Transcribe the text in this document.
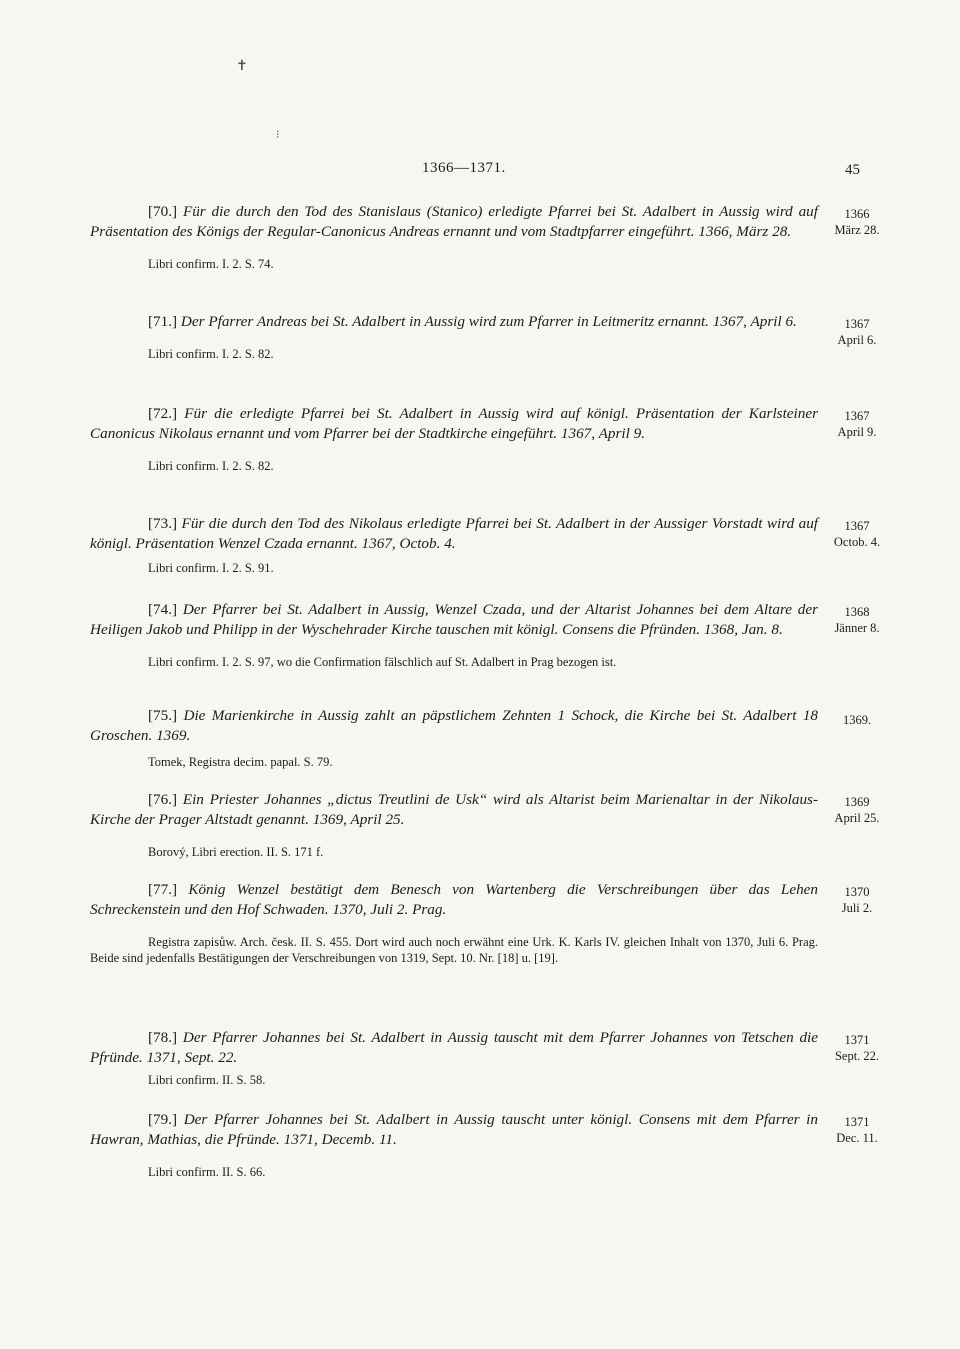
✝
⁝
1366—1371.	45
[70.] Für die durch den Tod des Stanislaus (Stanico) erledigte Pfarrei bei St. Adalbert in Aussig wird auf Präsentation des Königs der Regular-Canonicus Andreas ernannt und vom Stadtpfarrer eingeführt. 1366, März 28.
Libri confirm. I. 2. S. 74.
1366
März 28.
[71.] Der Pfarrer Andreas bei St. Adalbert in Aussig wird zum Pfarrer in Leitmeritz ernannt. 1367, April 6.
Libri confirm. I. 2. S. 82.
1367
April 6.
[72.] Für die erledigte Pfarrei bei St. Adalbert in Aussig wird auf königl. Präsentation der Karlsteiner Canonicus Nikolaus ernannt und vom Pfarrer bei der Stadtkirche eingeführt. 1367, April 9.
Libri confirm. I. 2. S. 82.
1367
April 9.
[73.] Für die durch den Tod des Nikolaus erledigte Pfarrei bei St. Adalbert in der Aussiger Vorstadt wird auf königl. Präsentation Wenzel Czada ernannt. 1367, Octob. 4.
Libri confirm. I. 2. S. 91.
1367
Octob. 4.
[74.] Der Pfarrer bei St. Adalbert in Aussig, Wenzel Czada, und der Altarist Johannes bei dem Altare der Heiligen Jakob und Philipp in der Wyschehrader Kirche tauschen mit königl. Consens die Pfründen. 1368, Jan. 8.
Libri confirm. I. 2. S. 97, wo die Confirmation fälschlich auf St. Adalbert in Prag bezogen ist.
1368
Jänner 8.
[75.] Die Marienkirche in Aussig zahlt an päpstlichem Zehnten 1 Schock, die Kirche bei St. Adalbert 18 Groschen. 1369.
Tomek, Registra decim. papal. S. 79.
1369.
[76.] Ein Priester Johannes „dictus Treutlini de Usk“ wird als Altarist beim Marienaltar in der Nikolaus-Kirche der Prager Altstadt genannt. 1369, April 25.
Borový, Libri erection. II. S. 171 f.
1369
April 25.
[77.] König Wenzel bestätigt dem Benesch von Wartenberg die Verschreibungen über das Lehen Schreckenstein und den Hof Schwaden. 1370, Juli 2. Prag.
Registra zapisůw. Arch. česk. II. S. 455. Dort wird auch noch erwähnt eine Urk. K. Karls IV. gleichen Inhalt von 1370, Juli 6. Prag. Beide sind jedenfalls Bestätigungen der Verschreibungen von 1319, Sept. 10. Nr. [18] u. [19].
1370
Juli 2.
[78.] Der Pfarrer Johannes bei St. Adalbert in Aussig tauscht mit dem Pfarrer Johannes von Tetschen die Pfründe. 1371, Sept. 22.
Libri confirm. II. S. 58.
1371
Sept. 22.
[79.] Der Pfarrer Johannes bei St. Adalbert in Aussig tauscht unter königl. Consens mit dem Pfarrer in Hawran, Mathias, die Pfründe. 1371, Decemb. 11.
Libri confirm. II. S. 66.
1371
Dec. 11.
